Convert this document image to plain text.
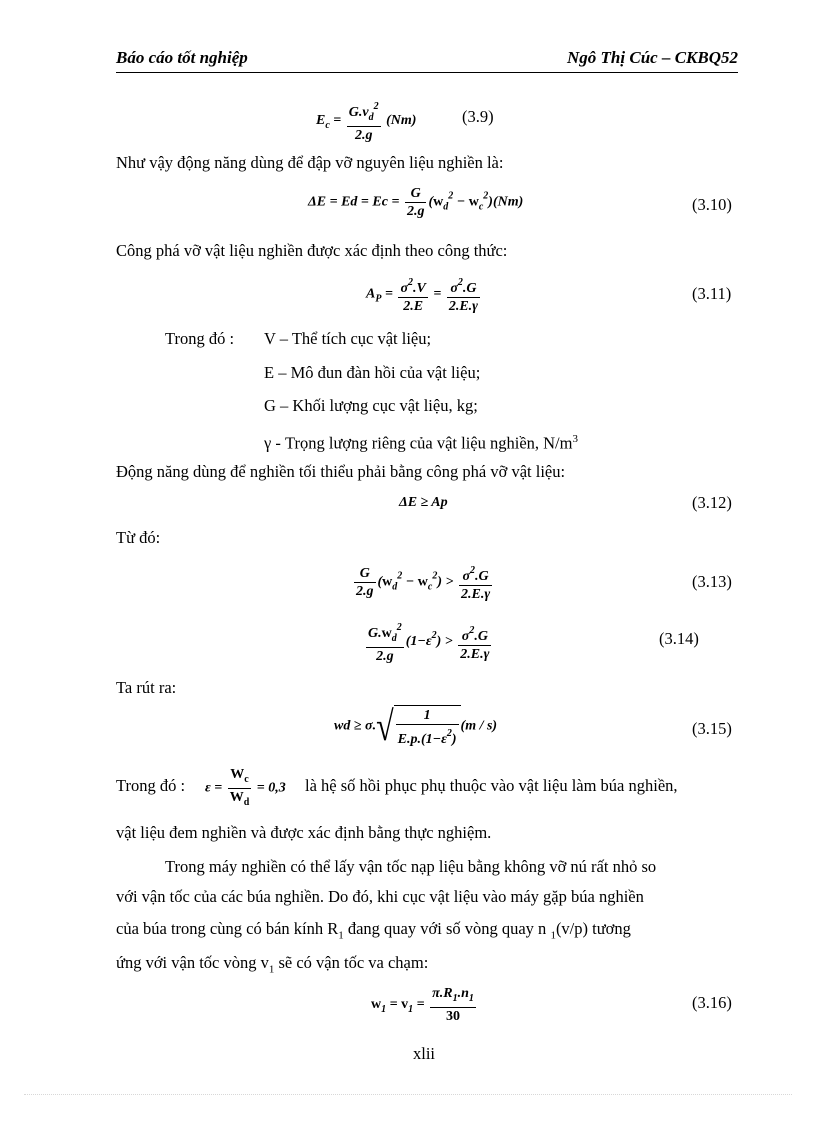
Báo cáo tốt nghiệp	Ngô Thị Cúc – CKBQ52
$E_c = \frac{G.v_d^2}{2.g} (Nm)$	(3.9)
Như vậy động năng dùng để đập vỡ nguyên liệu nghiền là:
$\Delta E = Ed = Ec = \frac{G}{2.g} (w_d^2 - w_c^2)(Nm)$	(3.10)
Công phá vỡ vật liệu nghiền được xác định theo công thức:
$A_P = \frac{\sigma^2.V}{2.E} = \frac{\sigma^2.G}{2.E.\gamma}$	(3.11)
Trong đó : V – Thể tích cục vật liệu;
E – Mô đun đàn hồi của vật liệu;
G – Khối lượng cục vật liệu, kg;
γ - Trọng lượng riêng của vật liệu nghiền, $N/m^3$
Động năng dùng để nghiền tối thiểu phải bằng công phá vỡ vật liệu:
ΔE ≥ Ap	(3.12)
Từ đó:
$\frac{G}{2.g} (w_d^2 - w_c^2) > \frac{\sigma^2.G}{2.E.\gamma}$	(3.13)
$\frac{G.w_d^2}{2.g} (1-\varepsilon^2) > \frac{\sigma^2.G}{2.E.\gamma}$	(3.14)
Ta rút ra:
wd ≥ $\sigma.√ \frac{1}{E.p.(1-\varepsilon^2)} (m / s)$	(3.15)
Trong đó : $\varepsilon = \frac{W_c}{W_d} = 0,3$ là hệ số hồi phục phụ thuộc vào vật liệu làm búa nghiền,
vật liệu đem nghiền và được xác định bằng thực nghiệm.
Trong máy nghiền có thể lấy vận tốc nạp liệu bằng không vỡ nú rất nhỏ so
với vận tốc của các búa nghiền. Do đó, khi cục vật liệu vào máy gặp búa nghiền
của búa trong cùng có bán kính $R_1$ đang quay với số vòng quay n $_1$(v/p) tương
ứng với vận tốc vòng $v_1$ sẽ có vận tốc va chạm:
$w_1 = v_1 = \frac{\pi.R_1.n_1}{30}$	(3.16)
xlii
